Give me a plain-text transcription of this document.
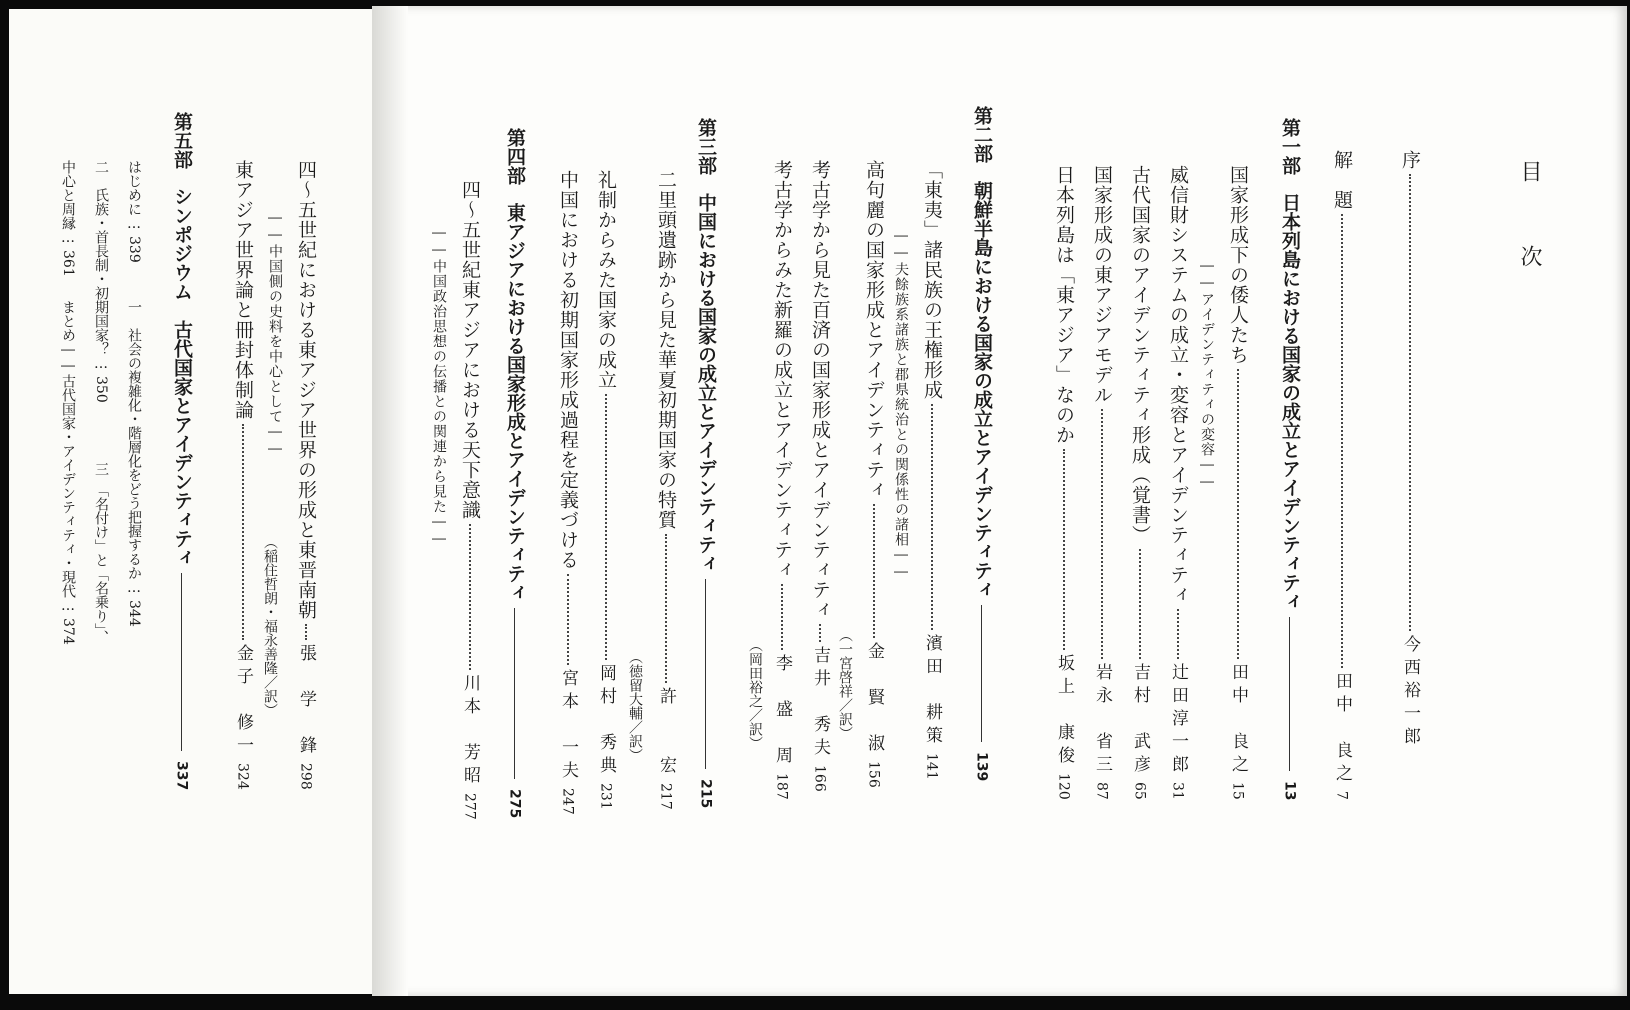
目
次
序
今西裕一郎
解　題
田中　良之
7
第一部
日本列島における国家の成立とアイデンティティ
13
国家形成下の倭人たち
田中　良之
15
――アイデンティティの変容――
威信財システムの成立・変容とアイデンティティ
辻田淳一郎
31
古代国家のアイデンティティ形成（覚書）
吉村　武彦
65
国家形成の東アジアモデル
岩永　省三
87
日本列島は「東アジア」なのか
坂上　康俊
120
第二部
朝鮮半島における国家の成立とアイデンティティ
139
「東夷」諸民族の王権形成
濱田　耕策
141
――夫餘族系諸族と郡県統治との関係性の諸相――
高句麗の国家形成とアイデンティティ
金　賢　淑
156
（一宮啓祥／訳）
考古学から見た百済の国家形成とアイデンティティ
吉井　秀夫
166
考古学からみた新羅の成立とアイデンティティ
李　盛　周
187
（岡田裕之／訳）
第三部
中国における国家の成立とアイデンティティ
215
二里頭遺跡から見た華夏初期国家の特質
許　　宏
217
（徳留大輔／訳）
礼制からみた国家の成立
岡村　秀典
231
中国における初期国家形成過程を定義づける
宮本　一夫
247
第四部
東アジアにおける国家形成とアイデンティティ
275
四～五世紀東アジアにおける天下意識
川本　芳昭
277
――中国政治思想の伝播との関連から見た――
四～五世紀における東アジア世界の形成と東晋南朝
張　学　鋒
298
――中国側の史料を中心として――
（稲住哲朗・福永善隆／訳）
東アジア世界論と冊封体制論
金子　修一
324
第五部
シンポジウム　古代国家とアイデンティティ
337
はじめに…339
一　社会の複雑化・階層化をどう把握するか…344
二　氏族・首長制・初期国家？…350
三　「名付け」と「名乗り」、
中心と周縁…361
まとめ――古代国家・アイデンティティ・現代…374
